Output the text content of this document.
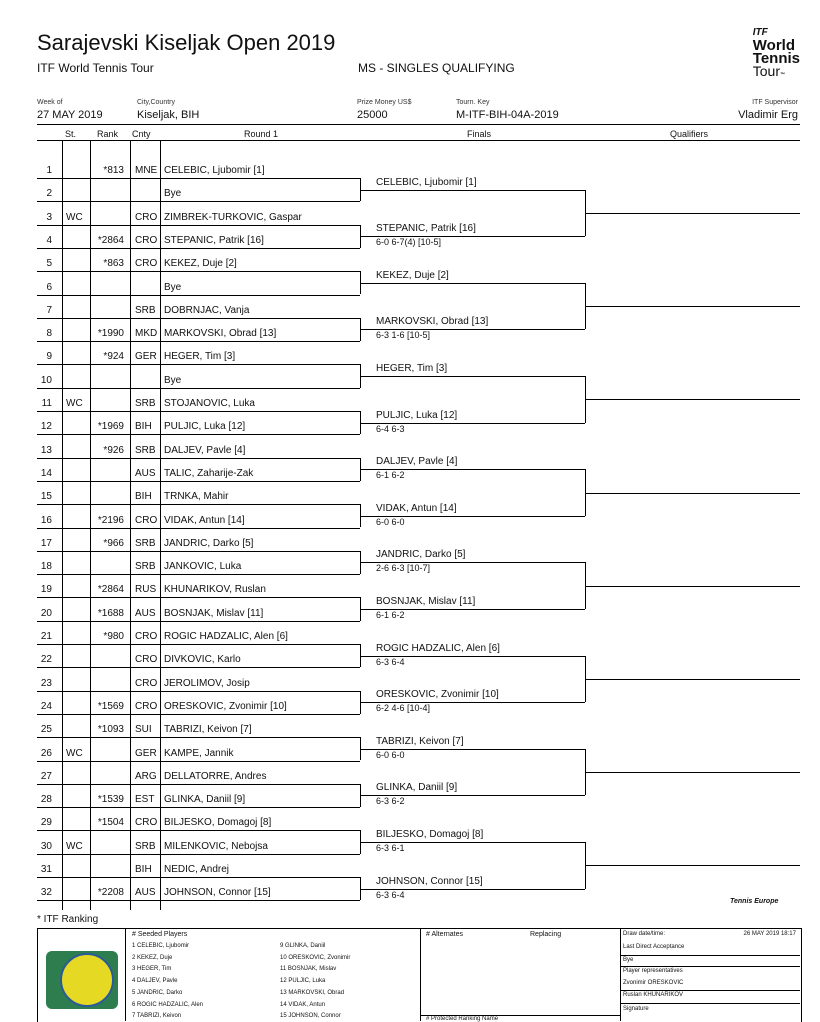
Sarajevski Kiseljak Open 2019
ITF World Tennis Tour	MS - SINGLES QUALIFYING
ITF
World
Tennis
Tour™
Week of
27 MAY 2019
City,Country
Kiseljak, BIH
Prize Money US$
25000
Tourn. Key
M-ITF-BIH-04A-2019
ITF Supervisor
Vladimir Erg
St. Rank Cnty	Round 1	Finals	Qualifiers
1	*813 MNE CELEBIC, Ljubomir [1]
2	Bye
3 WC	CRO ZIMBREK-TURKOVIC, Gaspar
4	*2864 CRO STEPANIC, Patrik [16]
5	*863 CRO KEKEZ, Duje [2]
6	Bye
7	SRB DOBRNJAC, Vanja
8	*1990 MKD MARKOVSKI, Obrad [13]
9	*924 GER HEGER, Tim [3]
10	Bye
11 WC	SRB STOJANOVIC, Luka
12	*1969 BIH PULJIC, Luka [12]
13	*926 SRB DALJEV, Pavle [4]
14	AUS TALIC, Zaharije-Zak
15	BIH TRNKA, Mahir
16	*2196 CRO VIDAK, Antun [14]
17	*966 SRB JANDRIC, Darko [5]
18	SRB JANKOVIC, Luka
19	*2864 RUS KHUNARIKOV, Ruslan
20	*1688 AUS BOSNJAK, Mislav [11]
21	*980 CRO ROGIC HADZALIC, Alen [6]
22	CRO DIVKOVIC, Karlo
23	CRO JEROLIMOV, Josip
24	*1569 CRO ORESKOVIC, Zvonimir [10]
25	*1093 SUI TABRIZI, Keivon [7]
26 WC	GER KAMPE, Jannik
27	ARG DELLATORRE, Andres
28	*1539 EST GLINKA, Daniil [9]
29	*1504 CRO BILJESKO, Domagoj [8]
30 WC	SRB MILENKOVIC, Nebojsa
31	BIH NEDIC, Andrej
32	*2208 AUS JOHNSON, Connor [15]
CELEBIC, Ljubomir [1]
STEPANIC, Patrik [16]
6-0 6-7(4) [10-5]
KEKEZ, Duje [2]
MARKOVSKI, Obrad [13]
6-3 1-6 [10-5]
HEGER, Tim [3]
PULJIC, Luka [12]
6-4 6-3
DALJEV, Pavle [4]
6-1 6-2
VIDAK, Antun [14]
6-0 6-0
JANDRIC, Darko [5]
2-6 6-3 [10-7]
BOSNJAK, Mislav [11]
6-1 6-2
ROGIC HADZALIC, Alen [6]
6-3 6-4
ORESKOVIC, Zvonimir [10]
6-2 4-6 [10-4]
TABRIZI, Keivon [7]
6-0 6-0
GLINKA, Daniil [9]
6-3 6-2
BILJESKO, Domagoj [8]
6-3 6-1
JOHNSON, Connor [15]
6-3 6-4
* ITF Ranking
Tennis Europe
# Seeded Players
1 CELEBIC, Ljubomir
2 KEKEZ, Duje
3 HEGER, Tim
4 DALJEV, Pavle
5 JANDRIC, Darko
6 ROGIC HADZALIC, Alen
7 TABRIZI, Keivon
9 GLINKA, Daniil
10 ORESKOVIC, Zvonimir
11 BOSNJAK, Mislav
12 PULJIC, Luka
13 MARKOVSKI, Obrad
14 VIDAK, Antun
15 JOHNSON, Connor
# Alternates	Replacing
# Protected Ranking Name
Draw date/time:	26 MAY 2019 18:17
Last Direct Acceptance
Bye
Player representatives
Zvonimir ORESKOVIC
Ruslan KHUNARIKOV
Signature
